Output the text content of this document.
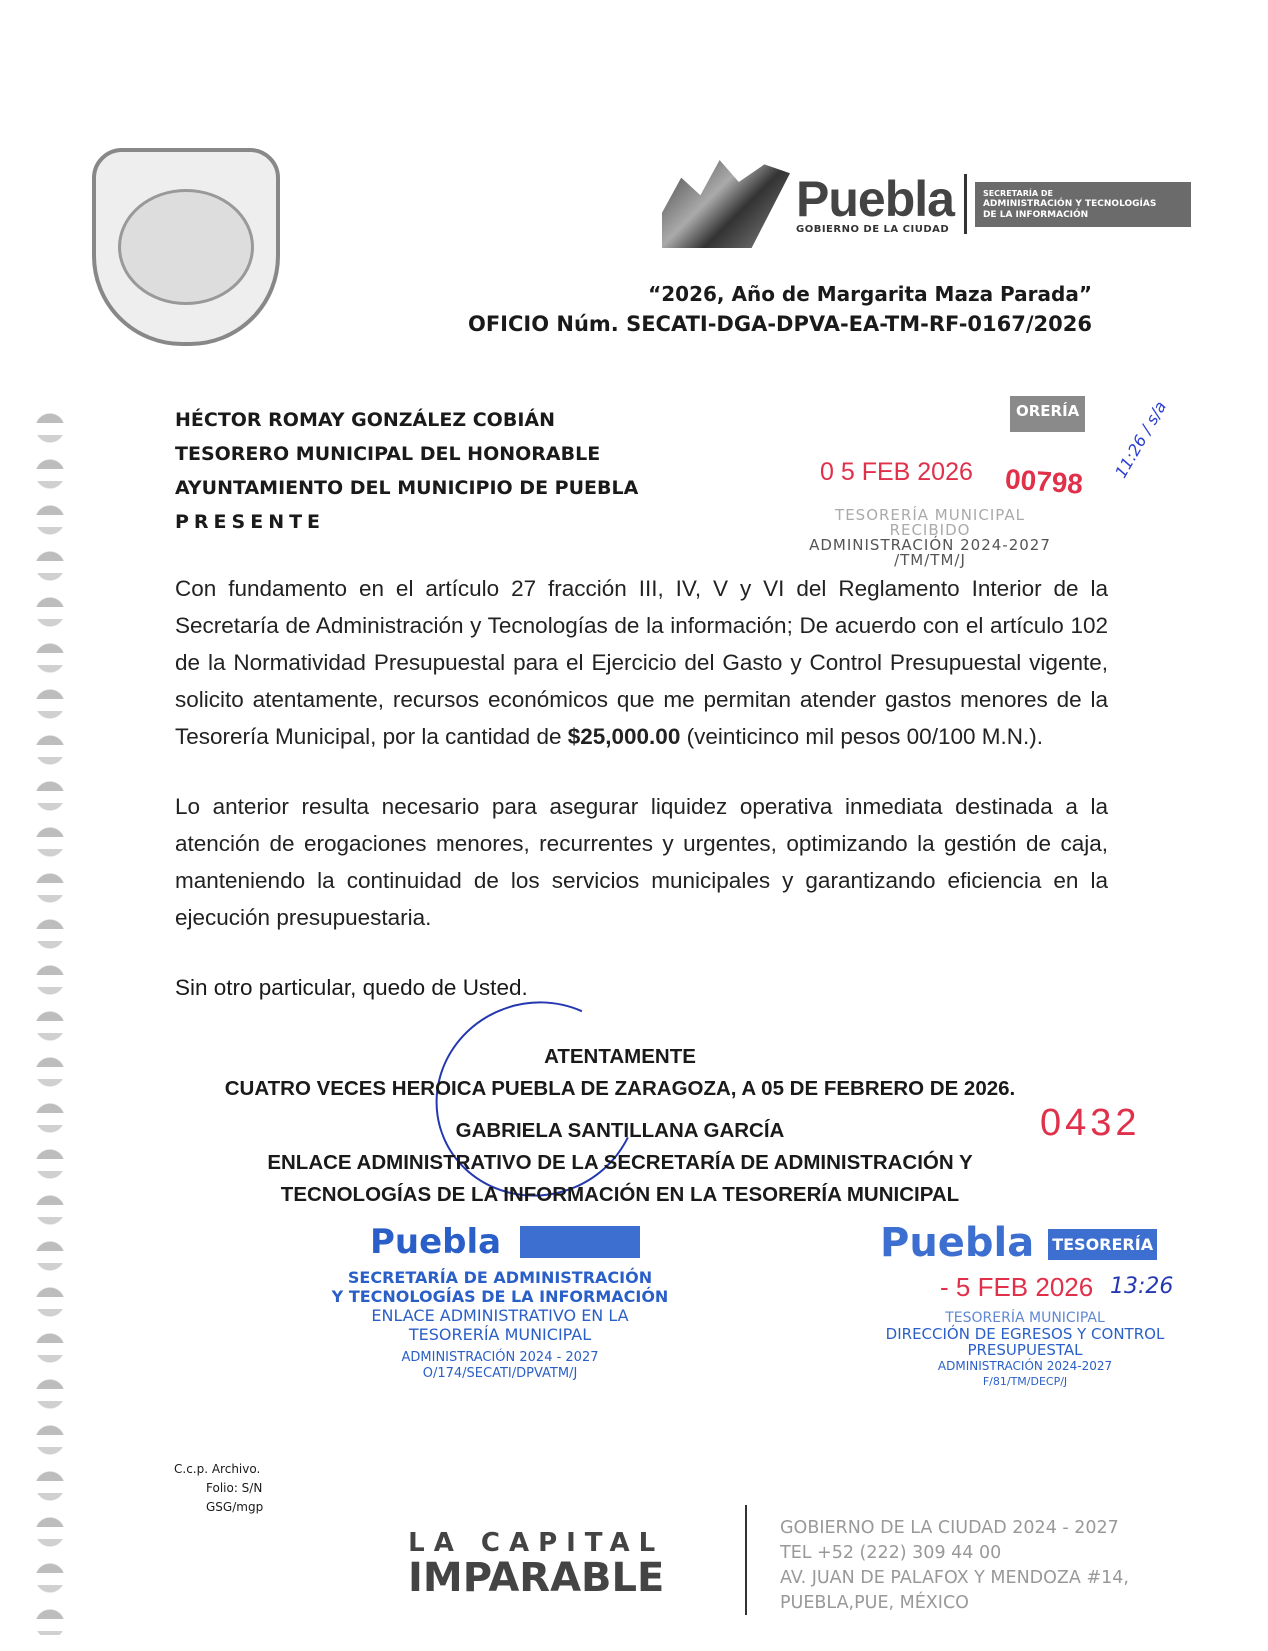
Puebla
GOBIERNO DE LA CIUDAD
SECRETARÍA DE
ADMINISTRACIÓN Y TECNOLOGÍAS
DE LA INFORMACIÓN
“2026, Año de Margarita Maza Parada”
OFICIO Núm. SECATI-DGA-DPVA-EA-TM-RF-0167/2026
HÉCTOR ROMAY GONZÁLEZ COBIÁN
TESORERO MUNICIPAL DEL HONORABLE
AYUNTAMIENTO DEL MUNICIPIO DE PUEBLA
PRESENTE
ORERÍA
0 5 FEB 2026 00798
11:26 / s/a
TESORERÍA MUNICIPAL
RECIBIDO
ADMINISTRACIÓN 2024-2027
/TM/TM/J
Con fundamento en el artículo 27 fracción III, IV, V y VI del Reglamento Interior de la Secretaría de Administración y Tecnologías de la información; De acuerdo con el artículo 102 de la Normatividad Presupuestal para el Ejercicio del Gasto y Control Presupuestal vigente, solicito atentamente, recursos económicos que me permitan atender gastos menores de la Tesorería Municipal, por la cantidad de $25,000.00 (veinticinco mil pesos 00/100 M.N.).
Lo anterior resulta necesario para asegurar liquidez operativa inmediata destinada a la atención de erogaciones menores, recurrentes y urgentes, optimizando la gestión de caja, manteniendo la continuidad de los servicios municipales y garantizando eficiencia en la ejecución presupuestaria.
Sin otro particular, quedo de Usted.
ATENTAMENTE
CUATRO VECES HEROICA PUEBLA DE ZARAGOZA, A 05 DE FEBRERO DE 2026.
GABRIELA SANTILLANA GARCÍA
ENLACE ADMINISTRATIVO DE LA SECRETARÍA DE ADMINISTRACIÓN Y
TECNOLOGÍAS DE LA INFORMACIÓN EN LA TESORERÍA MUNICIPAL
0432
Puebla
SECRETARÍA DE ADMINISTRACIÓN
Y TECNOLOGÍAS DE LA INFORMACIÓN
ENLACE ADMINISTRATIVO EN LA
TESORERÍA MUNICIPAL
ADMINISTRACIÓN 2024 - 2027
O/174/SECATI/DPVATM/J
Puebla TESORERÍA
- 5 FEB 2026 13:26
TESORERÍA MUNICIPAL
DIRECCIÓN DE EGRESOS Y CONTROL
PRESUPUESTAL
ADMINISTRACIÓN 2024-2027
F/81/TM/DECP/J
C.c.p. Archivo.
Folio: S/N
GSG/mgp
LA CAPITAL
IMPARABLE
GOBIERNO DE LA CIUDAD 2024 - 2027
TEL +52 (222) 309 44 00
AV. JUAN DE PALAFOX Y MENDOZA #14,
PUEBLA,PUE, MÉXICO
